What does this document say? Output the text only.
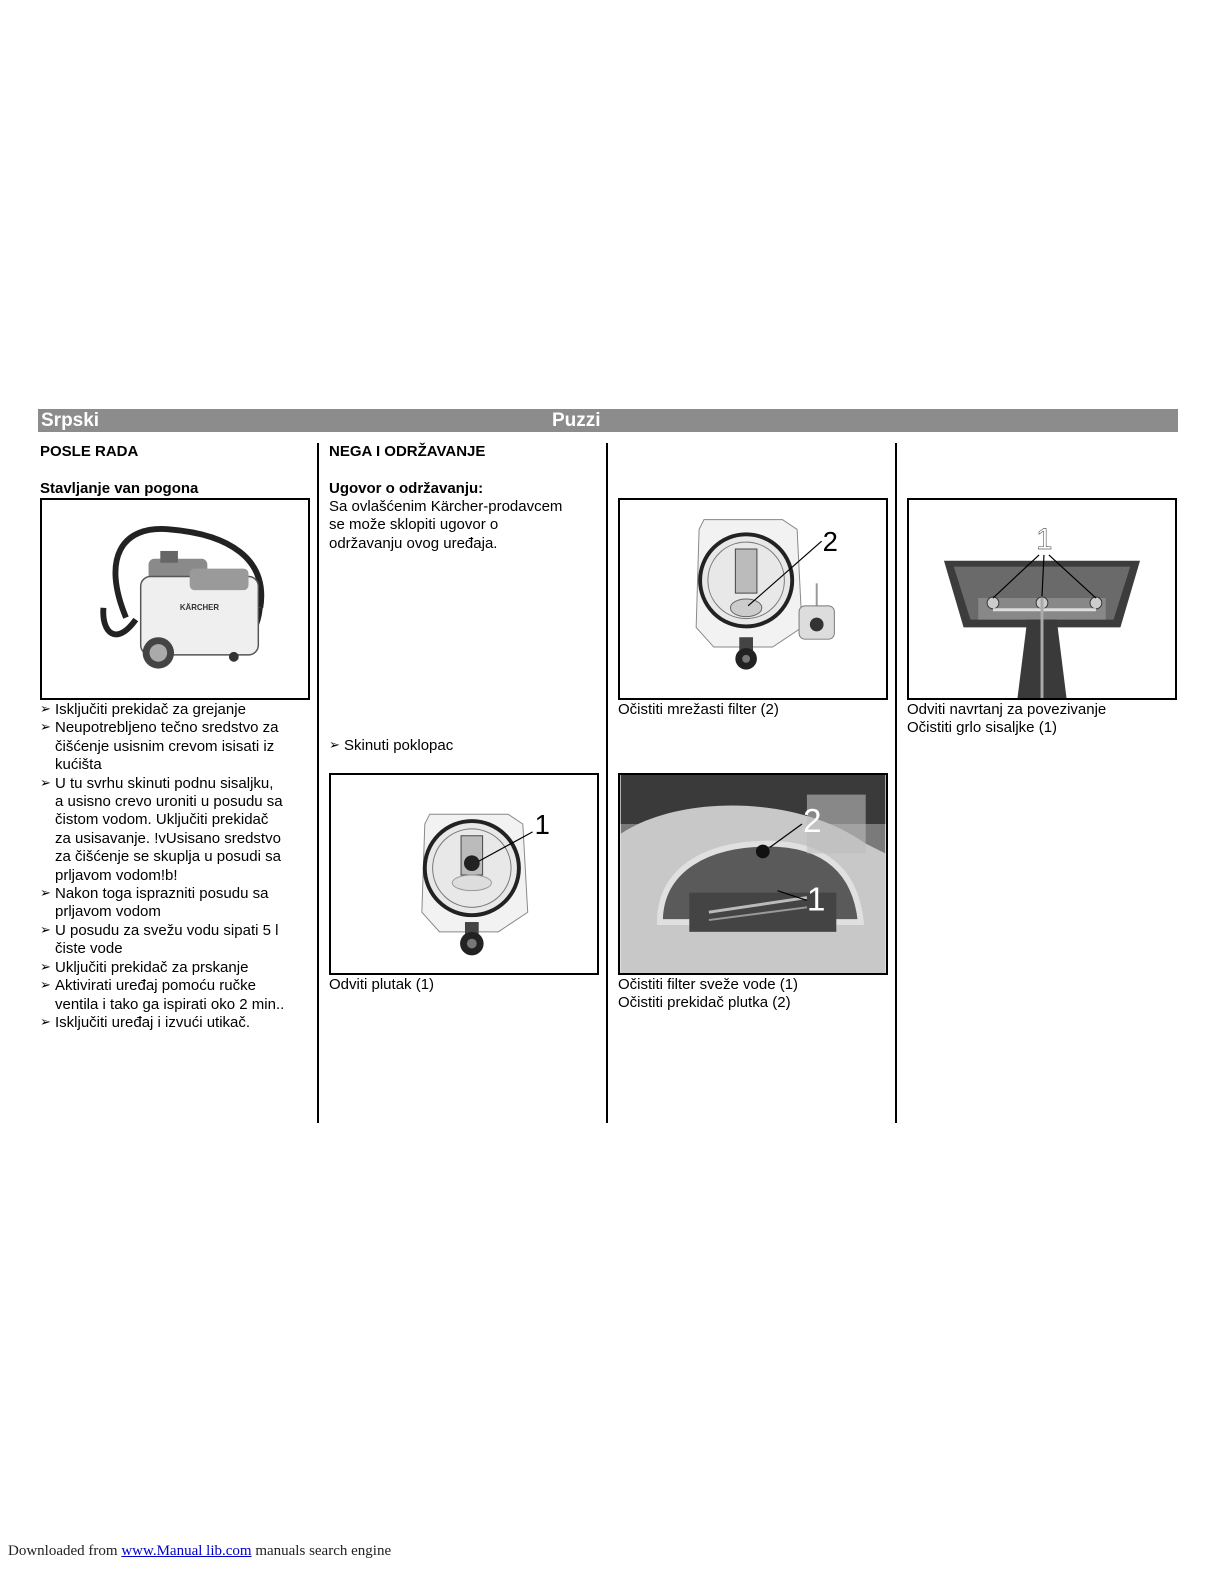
Srpski	Puzzi
POSLE RADA
Stavljanje van pogona
KÄRCHER
➢ Isključiti prekidač za grejanje
➢ Neupotrebljeno tečno sredstvo za
čišćenje usisnim crevom isisati iz
kućišta
➢ U tu svrhu skinuti podnu sisaljku,
a usisno crevo uroniti u posudu sa
čistom vodom. Uključiti prekidač
za usisavanje. !vUsisano sredstvo
za čišćenje se skuplja u posudi sa
prljavom vodom!b!
➢ Nakon toga isprazniti posudu sa
prljavom vodom
➢ U posudu za svežu vodu sipati 5 l
čiste vode
➢ Uključiti prekidač za prskanje
➢ Aktivirati uređaj pomoću ručke
ventila i tako ga ispirati oko 2 min..
➢ Isključiti uređaj i izvući utikač.
NEGA I ODRŽAVANJE
Ugovor o održavanju:
Sa ovlašćenim Kärcher-prodavcem
se može sklopiti ugovor o
održavanju ovog uređaja.
➢ Skinuti poklopac
1
Odviti plutak (1)
2
Očistiti mrežasti filter (2)
2
1
Očistiti filter sveže vode (1)
Očistiti prekidač plutka (2)
1
Odviti navrtanj za povezivanje
Očistiti grlo sisaljke (1)
Downloaded from www.Manual lib.com manuals search engine
